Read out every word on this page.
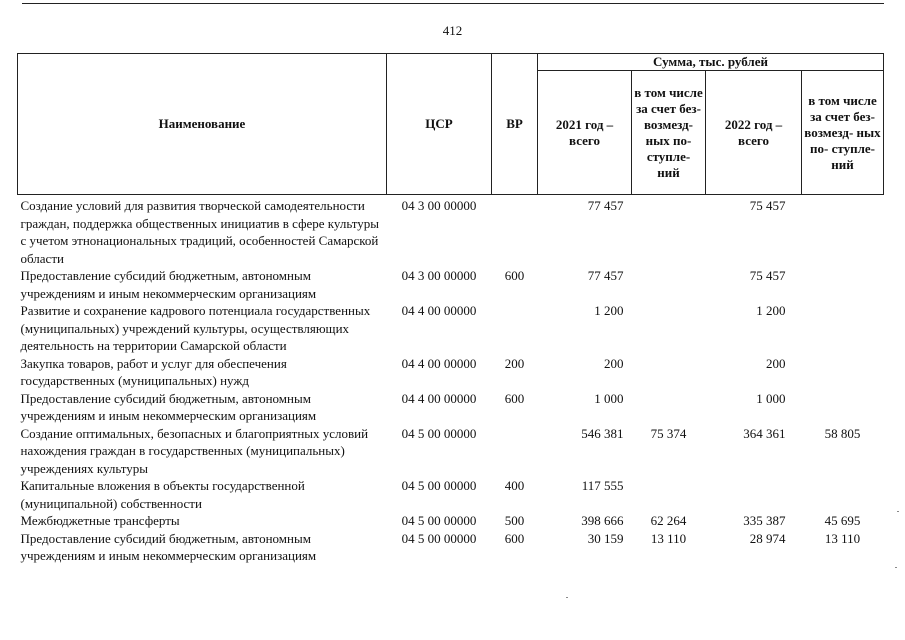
412
Наименование	ЦСР	ВР	Сумма, тыс. рублей			
			2021 год – всего	в том числе за счет без- возмезд- ных по- ступле- ний	2022 год – всего	в том числе за счет без- возмезд- ных по- ступле- ний
Создание условий для развития творческой самодеятельности граждан, поддержка общественных инициатив в сфере культуры с учетом этнонациональных традиций, особенностей Самарской области	04 3 00 00000		77 457		75 457	
Предоставление субсидий бюджетным, автономным учреждениям и иным некоммерческим организациям	04 3 00 00000	600	77 457		75 457	
Развитие и сохранение кадрового потенциала государственных (муниципальных) учреждений культуры, осуществляющих деятельность на территории Самарской области	04 4 00 00000		1 200		1 200	
Закупка товаров, работ и услуг для обеспечения государственных (муниципальных) нужд	04 4 00 00000	200	200		200	
Предоставление субсидий бюджетным, автономным учреждениям и иным некоммерческим организациям	04 4 00 00000	600	1 000		1 000	
Создание оптимальных, безопасных и благоприятных условий нахождения граждан в государственных (муниципальных) учреждениях культуры	04 5 00 00000		546 381	75 374	364 361	58 805
Капитальные вложения в объекты государственной (муниципальной) собственности	04 5 00 00000	400	117 555			
Межбюджетные трансферты	04 5 00 00000	500	398 666	62 264	335 387	45 695
Предоставление субсидий бюджетным, автономным учреждениям и иным некоммерческим организациям	04 5 00 00000	600	30 159	13 110	28 974	13 110
